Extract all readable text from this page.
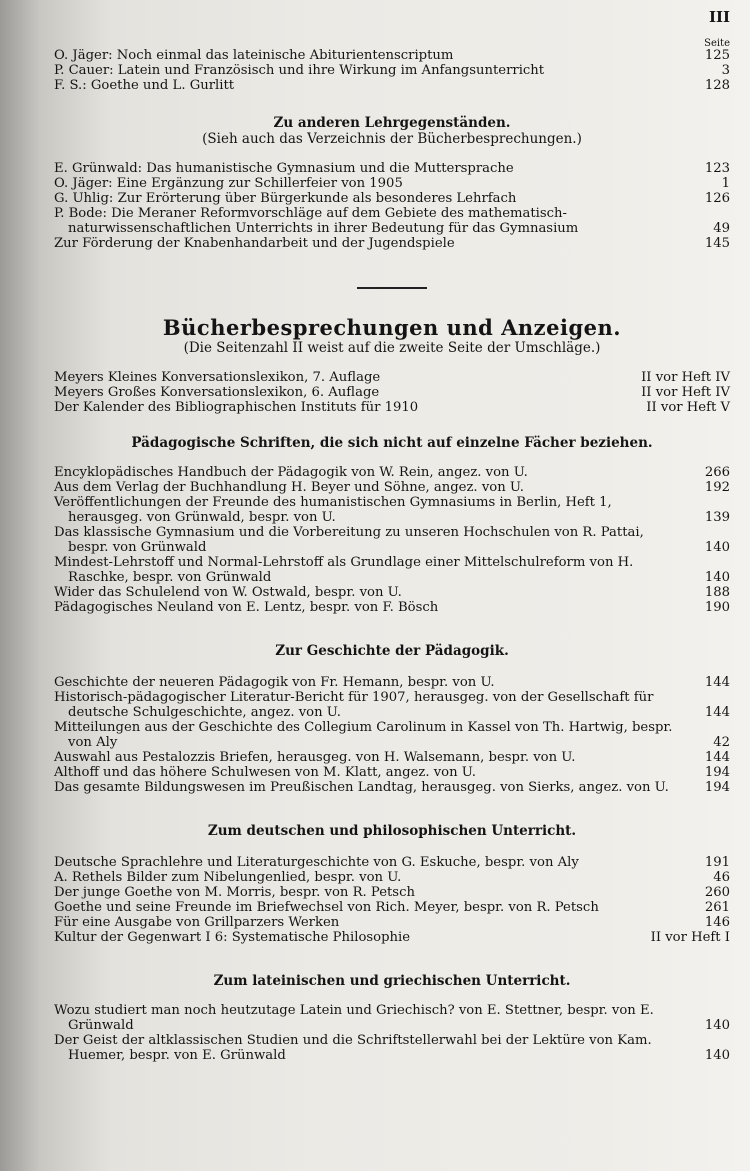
III
Seite
O. Jäger: Noch einmal das lateinische Abiturientenscriptum	125
P. Cauer: Latein und Französisch und ihre Wirkung im Anfangsunterricht	3
F. S.: Goethe und L. Gurlitt	128
Zu anderen Lehrgegenständen.
(Sieh auch das Verzeichnis der Bücherbesprechungen.)
E. Grünwald: Das humanistische Gymnasium und die Muttersprache	123
O. Jäger: Eine Ergänzung zur Schillerfeier von 1905	1
G. Uhlig: Zur Erörterung über Bürgerkunde als besonderes Lehrfach	126
P. Bode: Die Meraner Reformvorschläge auf dem Gebiete des mathematisch-naturwissenschaftlichen Unterrichts in ihrer Bedeutung für das Gymnasium	49
Zur Förderung der Knabenhandarbeit und der Jugendspiele	145
Bücherbesprechungen und Anzeigen.
(Die Seitenzahl II weist auf die zweite Seite der Umschläge.)
Meyers Kleines Konversationslexikon, 7. Auflage	II vor Heft IV
Meyers Großes Konversationslexikon, 6. Auflage	II vor Heft IV
Der Kalender des Bibliographischen Instituts für 1910	II vor Heft V
Pädagogische Schriften, die sich nicht auf einzelne Fächer beziehen.
Encyklopädisches Handbuch der Pädagogik von W. Rein, angez. von U.	266
Aus dem Verlag der Buchhandlung H. Beyer und Söhne, angez. von U.	192
Veröffentlichungen der Freunde des humanistischen Gymnasiums in Berlin, Heft 1, herausgeg. von Grünwald, bespr. von U.	139
Das klassische Gymnasium und die Vorbereitung zu unseren Hochschulen von R. Pattai, bespr. von Grünwald	140
Mindest-Lehrstoff und Normal-Lehrstoff als Grundlage einer Mittelschulreform von H. Raschke, bespr. von Grünwald	140
Wider das Schulelend von W. Ostwald, bespr. von U.	188
Pädagogisches Neuland von E. Lentz, bespr. von F. Bösch	190
Zur Geschichte der Pädagogik.
Geschichte der neueren Pädagogik von Fr. Hemann, bespr. von U.	144
Historisch-pädagogischer Literatur-Bericht für 1907, herausgeg. von der Gesellschaft für deutsche Schulgeschichte, angez. von U.	144
Mitteilungen aus der Geschichte des Collegium Carolinum in Kassel von Th. Hartwig, bespr. von Aly	42
Auswahl aus Pestalozzis Briefen, herausgeg. von H. Walsemann, bespr. von U.	144
Althoff und das höhere Schulwesen von M. Klatt, angez. von U.	194
Das gesamte Bildungswesen im Preußischen Landtag, herausgeg. von Sierks, angez. von U.	194
Zum deutschen und philosophischen Unterricht.
Deutsche Sprachlehre und Literaturgeschichte von G. Eskuche, bespr. von Aly	191
A. Rethels Bilder zum Nibelungenlied, bespr. von U.	46
Der junge Goethe von M. Morris, bespr. von R. Petsch	260
Goethe und seine Freunde im Briefwechsel von Rich. Meyer, bespr. von R. Petsch	261
Für eine Ausgabe von Grillparzers Werken	146
Kultur der Gegenwart I 6: Systematische Philosophie	II vor Heft I
Zum lateinischen und griechischen Unterricht.
Wozu studiert man noch heutzutage Latein und Griechisch? von E. Stettner, bespr. von E. Grünwald	140
Der Geist der altklassischen Studien und die Schriftstellerwahl bei der Lektüre von Kam. Huemer, bespr. von E. Grünwald	140
